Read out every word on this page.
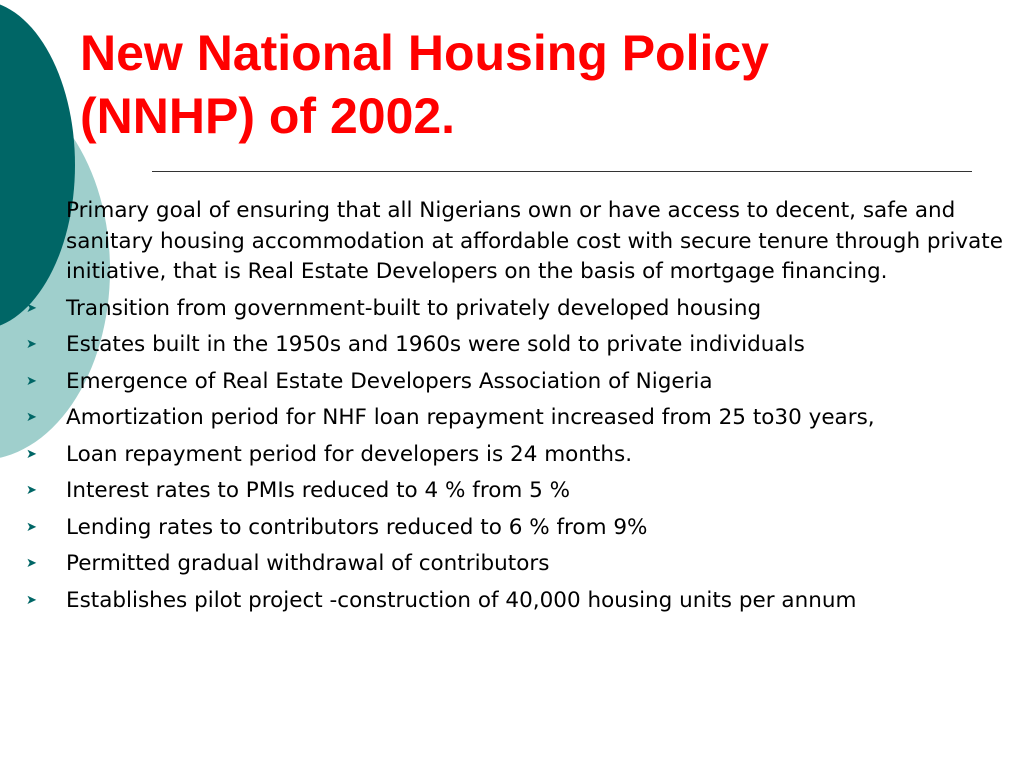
New National Housing Policy
(NNHP) of 2002.

Primary goal of ensuring that all Nigerians own or have access to decent, safe and sanitary housing accommodation at affordable cost with secure tenure through private initiative, that is Real Estate Developers on the basis of mortgage financing.

➤ Transition from government-built to privately developed housing
➤ Estates built in the 1950s and 1960s were sold to private individuals
➤ Emergence of Real Estate Developers Association of Nigeria
➤ Amortization period for NHF loan repayment increased from 25 to30 years,
➤ Loan repayment period for developers is 24 months.
➤ Interest rates to PMIs reduced to 4 % from 5 %
➤ Lending rates to contributors reduced to 6 % from 9%
➤ Permitted gradual withdrawal of contributors
➤ Establishes pilot project -construction of 40,000 housing units per annum
